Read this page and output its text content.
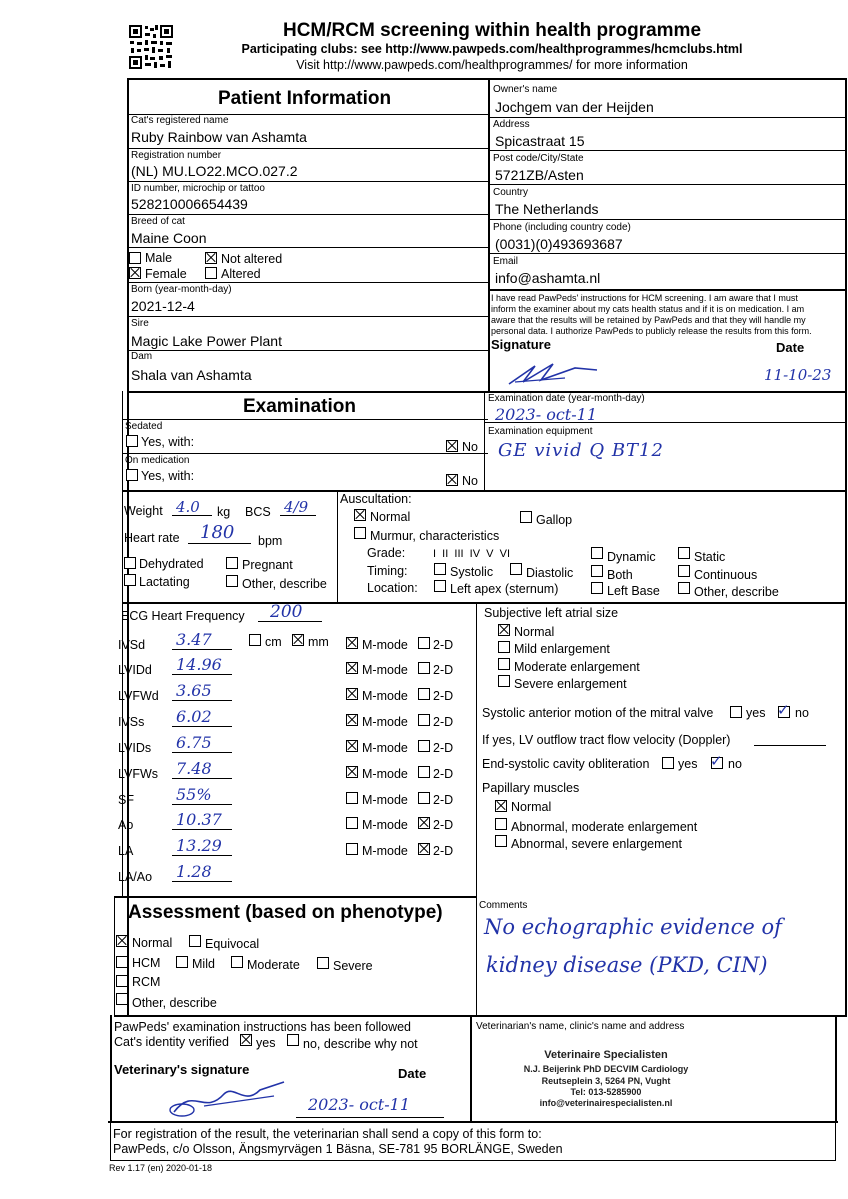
HCM/RCM screening within health programme
Participating clubs: see http://www.pawpeds.com/healthprogrammes/hcmclubs.html
Visit http://www.pawpeds.com/healthprogrammes/ for more information
Patient Information
Cat's registered name
Ruby Rainbow van Ashamta
Registration number
(NL) MU.LO22.MCO.027.2
ID number, microchip or tattoo
528210006654439
Breed of cat
Maine Coon
Male
Female
Not altered
Altered
Born (year-month-day)
2021-12-4
Sire
Magic Lake Power Plant
Dam
Shala van Ashamta
Owner's name
Jochgem van der Heijden
Address
Spicastraat 15
Post code/City/State
5721ZB/Asten
Country
The Netherlands
Phone (including country code)
(0031)(0)493693687
Email
info@ashamta.nl
I have read PawPeds' instructions for HCM screening. I am aware that I must
inform the examiner about my cats health status and if it is on medication. I am
aware that the results will be retained by PawPeds and that they will handle my
personal data. I authorize PawPeds to publicly release the results from this form.
Signature	Date
11-10-23
Examination	Examination date (year-month-day)
2023- oct-11
Examination equipment
GE vivid Q BT12
Sedated
Yes, with:	No
On medication
Yes, with:	No
Weight 4.0 kg BCS 4/9
Heart rate 180 bpm
Dehydrated	Pregnant
Lactating	Other, describe
Auscultation:
Normal	Gallop
Murmur, characteristics
Grade:	I  II  III  IV  V  VI
Timing:	Systolic	Diastolic
Location:	Left apex (sternum)
Dynamic	Static
Both	Continuous
Left Base	Other, describe
ECG Heart Frequency 200
cm mm
IVSd 3.47	M-mode 2-D
LVIDd 14.96	M-mode 2-D
LVFWd 3.65	M-mode 2-D
IVSs 6.02	M-mode 2-D
LVIDs 6.75	M-mode 2-D
LVFWs 7.48	M-mode 2-D
SF	55%	M-mode 2-D
Ao	10.37	M-mode 2-D
LA	13.29	M-mode 2-D
LA/Ao 1.28
Subjective left atrial size
Normal
Mild enlargement
Moderate enlargement
Severe enlargement
Systolic anterior motion of the mitral valve	yes ✓ no
If yes, LV outflow tract flow velocity (Doppler)
End-systolic cavity obliteration yes ✓ no
Papillary muscles
Normal
Abnormal, moderate enlargement
Abnormal, severe enlargement
Assessment (based on phenotype)
Normal	Equivocal
HCM	Mild	Moderate	Severe
RCM
Other, describe
Comments
No echographic evidence of
kidney disease (PKD, CIN)
PawPeds' examination instructions has been followed
Cat's identity verified yes no, describe why not
Veterinary's signature	Date
2023- oct-11
Veterinarian's name, clinic's name and address
Veterinaire Specialisten
N.J. Beijerink PhD DECVIM Cardiology
Reutseplein 3, 5264 PN, Vught
Tel: 013-5285900
info@veterinairespecialisten.nl
For registration of the result, the veterinarian shall send a copy of this form to:
PawPeds, c/o Olsson, Ängsmyrvägen 1 Bäsna, SE-781 95 BORLÄNGE, Sweden
Rev 1.17 (en) 2020-01-18
